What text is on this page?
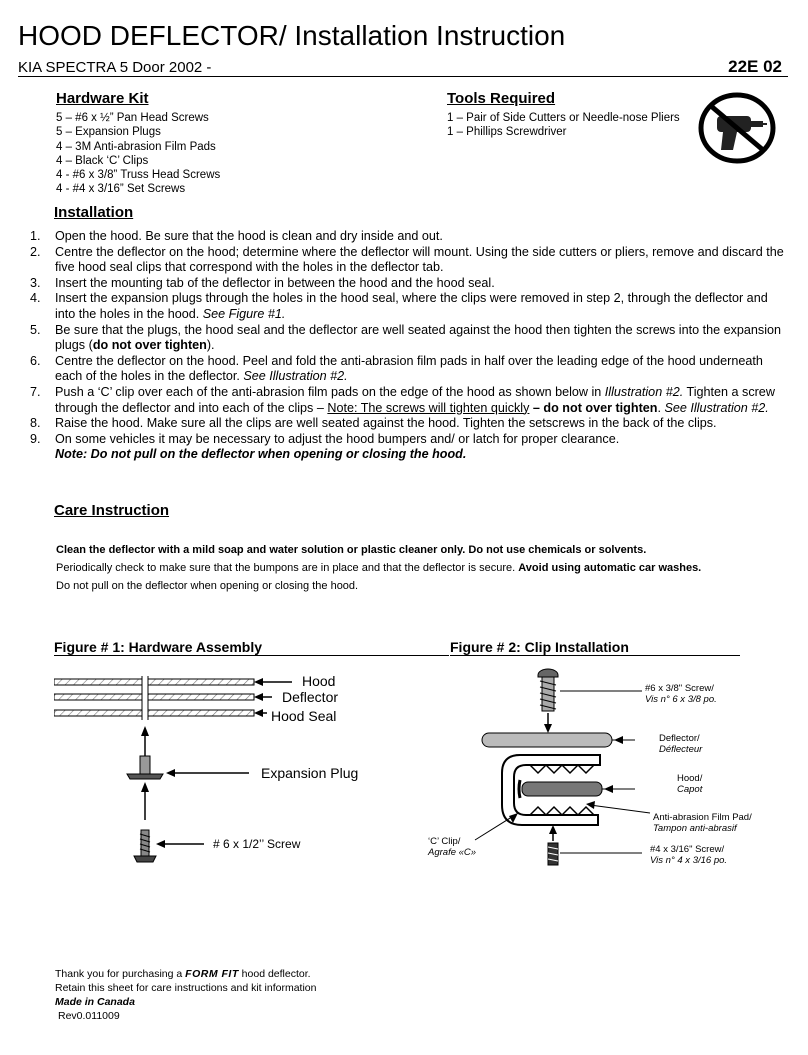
HOOD DEFLECTOR/ Installation Instruction
KIA SPECTRA 5 Door 2002 -	22E 02
Hardware Kit
5 – #6 x ½” Pan Head Screws
5 – Expansion Plugs
4 – 3M Anti-abrasion Film Pads
4 – Black ‘C’ Clips
4 - #6 x 3/8” Truss Head Screws
4 - #4 x 3/16” Set Screws
Tools Required
1 – Pair of Side Cutters or Needle-nose Pliers
1 – Phillips Screwdriver
Installation
1.	Open the hood. Be sure that the hood is clean and dry inside and out.
2.	Centre the deflector on the hood; determine where the deflector will mount. Using the side cutters or pliers, remove and discard the five hood seal clips that correspond with the holes in the deflector tab.
3.	Insert the mounting tab of the deflector in between the hood and the hood seal.
4.	Insert the expansion plugs through the holes in the hood seal, where the clips were removed in step 2, through the deflector and into the holes in the hood. See Figure #1.
5.	Be sure that the plugs, the hood seal and the deflector are well seated against the hood then tighten the screws into the expansion plugs (do not over tighten).
6.	Centre the deflector on the hood. Peel and fold the anti-abrasion film pads in half over the leading edge of the hood underneath each of the holes in the deflector. See Illustration #2.
7.	Push a ‘C’ clip over each of the anti-abrasion film pads on the edge of the hood as shown below in Illustration #2. Tighten a screw through the deflector and into each of the clips – Note: The screws will tighten quickly – do not over tighten. See Illustration #2.
8.	Raise the hood. Make sure all the clips are well seated against the hood. Tighten the setscrews in the back of the clips.
9.	On some vehicles it may be necessary to adjust the hood bumpers and/ or latch for proper clearance.
Note: Do not pull on the deflector when opening or closing the hood.
Care Instruction
Clean the deflector with a mild soap and water solution or plastic cleaner only. Do not use chemicals or solvents.
Periodically check to make sure that the bumpons are in place and that the deflector is secure. Avoid using automatic car washes.
Do not pull on the deflector when opening or closing the hood.
Figure # 1: Hardware Assembly
Hood
Deflector
Hood Seal
Expansion Plug
# 6 x 1/2’’ Screw
Figure # 2: Clip Installation
#6 x 3/8" Screw/
Vis n° 6 x 3/8 po.
Deflector/
Déflecteur
Hood/
Capot
Anti-abrasion Film Pad/
Tampon anti-abrasif
‘C’ Clip/
Agrafe «C»	#4 x 3/16" Screw/
Vis n° 4 x 3/16 po.
Thank you for purchasing a FORM FIT hood deflector.
Retain this sheet for care instructions and kit information
Made in Canada
Rev0.011009
